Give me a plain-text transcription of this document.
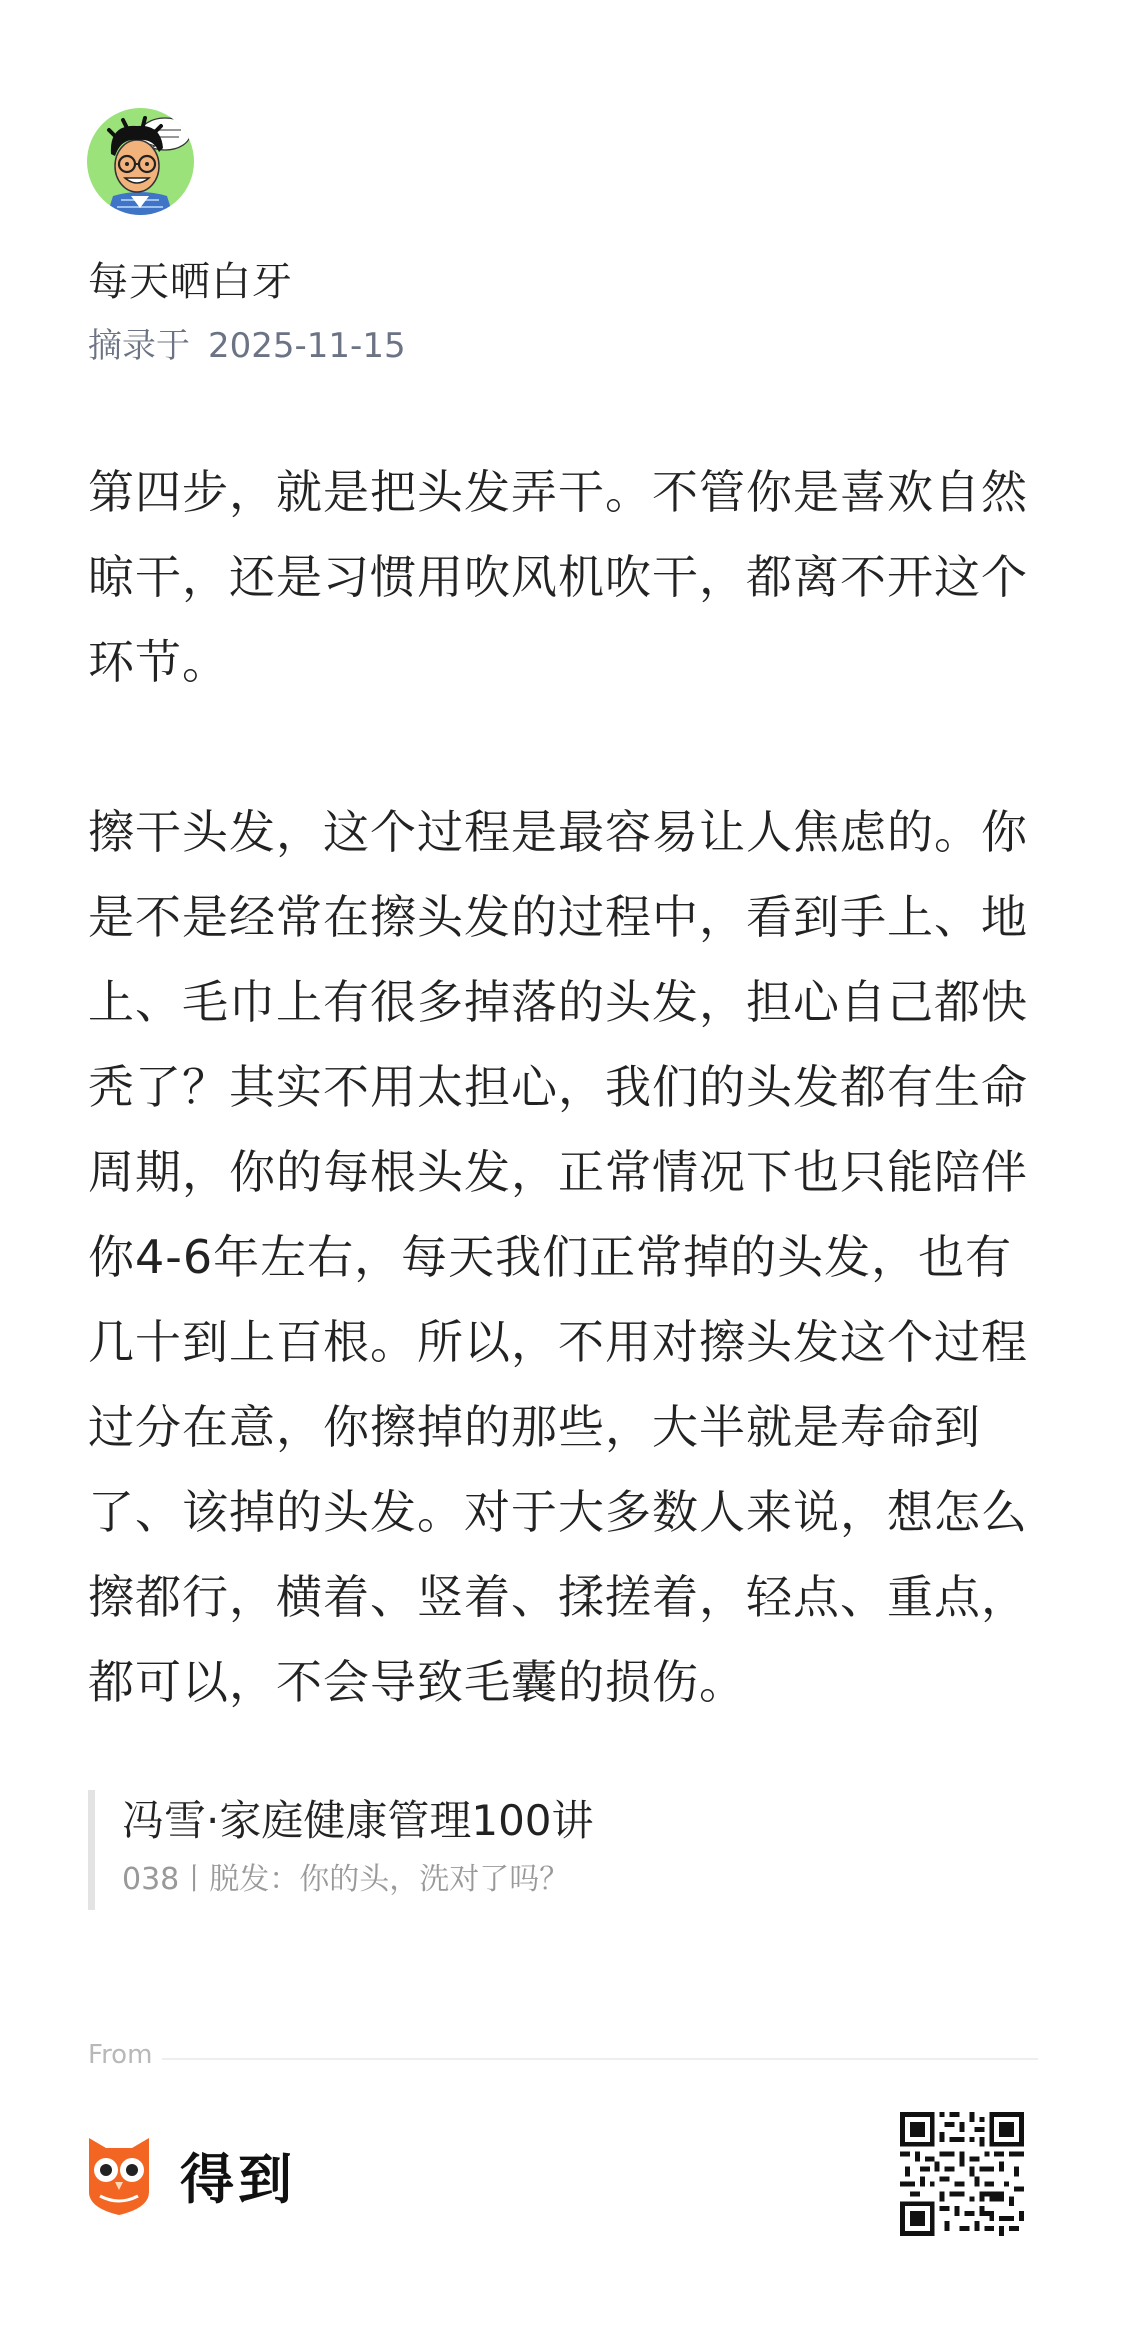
每天晒白牙
摘录于 2025-11-15

第四步，就是把头发弄干。不管你是喜欢自然晾干，还是习惯用吹风机吹干，都离不开这个环节。

擦干头发，这个过程是最容易让人焦虑的。你是不是经常在擦头发的过程中，看到手上、地上、毛巾上有很多掉落的头发，担心自己都快秃了？其实不用太担心，我们的头发都有生命周期，你的每根头发，正常情况下也只能陪伴你4-6年左右，每天我们正常掉的头发，也有几十到上百根。所以，不用对擦头发这个过程过分在意，你擦掉的那些，大半就是寿命到了、该掉的头发。对于大多数人来说，想怎么擦都行，横着、竖着、揉搓着，轻点、重点，都可以，不会导致毛囊的损伤。

冯雪·家庭健康管理100讲
038丨脱发：你的头，洗对了吗？
From
得到
